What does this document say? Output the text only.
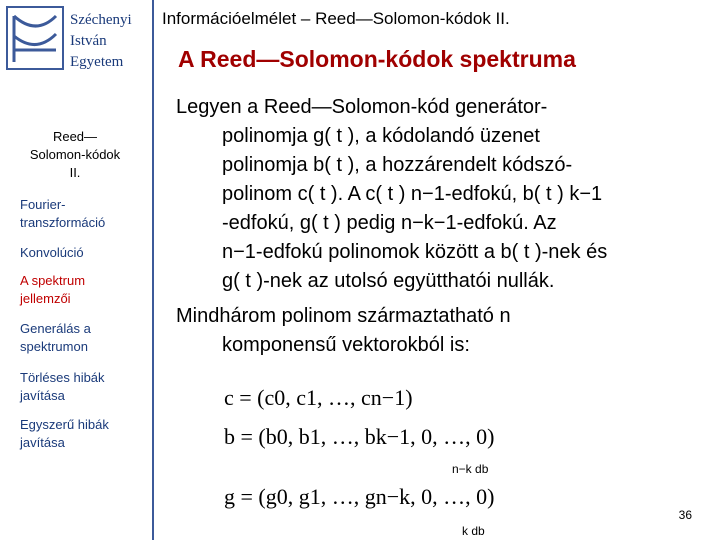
Széchenyi
István
Egyetem
Információelmélet – Reed—Solomon-kódok II.
A Reed—Solomon-kódok spektruma
Reed—
Solomon-kódok
II.
Fourier-
transzformáció
Konvolúció
A spektrum
jellemzői
Generálás a
spektrumon
Törléses hibák
javítása
Egyszerű hibák
javítása
Legyen a Reed—Solomon-kód generátor-
polinomja g( t ), a kódolandó üzenet
polinomja b( t ), a hozzárendelt kódszó-
polinom c( t ). A c( t ) n−1-edfokú, b( t ) k−1
-edfokú, g( t ) pedig n−k−1-edfokú. Az
n−1-edfokú polinomok között a b( t )-nek és
g( t )-nek az utolsó együtthatói nullák.
Mindhárom polinom származtatható n
komponensű vektorokból is:
c = (c0, c1, …, cn−1)
b = (b0, b1, …, bk−1, 0, …, 0)
n−k db
g = (g0, g1, …, gn−k, 0, …, 0)
k db
36
